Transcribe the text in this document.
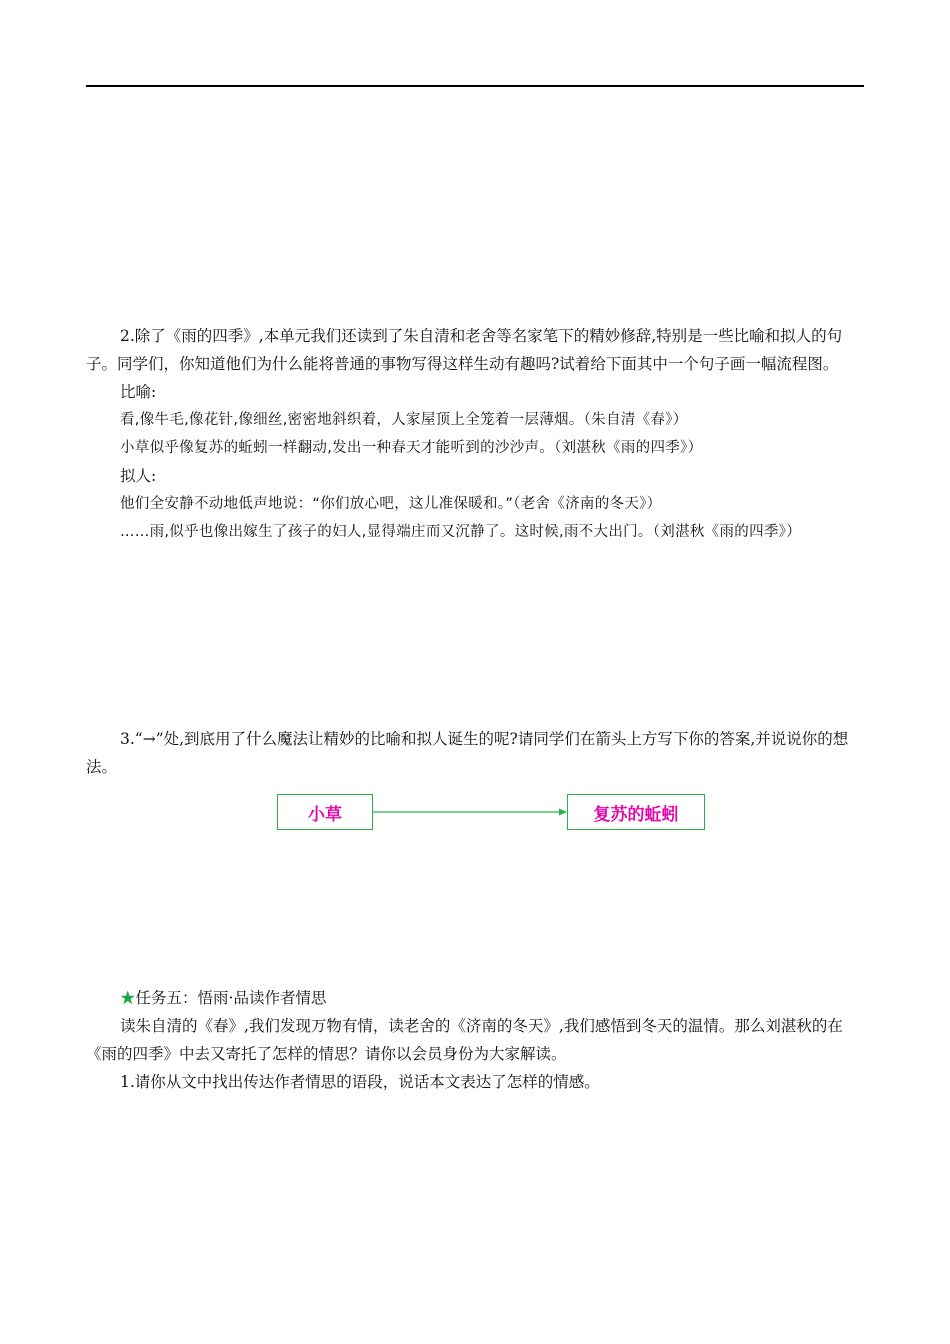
2.除了《雨的四季》,本单元我们还读到了朱自清和老舍等名家笔下的精妙修辞,特别是一些比喻和拟人的句子。同学们，你知道他们为什么能将普通的事物写得这样生动有趣吗?试着给下面其中一个句子画一幅流程图。

比喻:

看,像牛毛,像花针,像细丝,密密地斜织着，人家屋顶上全笼着一层薄烟。（朱自清《春》）

小草似乎像复苏的蚯蚓一样翻动,发出一种春天才能听到的沙沙声。（刘湛秋《雨的四季》）

拟人:

他们全安静不动地低声地说：“你们放心吧，这儿准保暖和。”（老舍《济南的冬天》）

……雨,似乎也像出嫁生了孩子的妇人,显得端庄而又沉静了。这时候,雨不大出门。（刘湛秋《雨的四季》）

3.“→”处,到底用了什么魔法让精妙的比喻和拟人诞生的呢?请同学们在箭头上方写下你的答案,并说说你的想法。

小草	复苏的蚯蚓

★任务五：悟雨·品读作者情思

读朱自清的《春》,我们发现万物有情，读老舍的《济南的冬天》,我们感悟到冬天的温情。那么刘湛秋的在《雨的四季》中去又寄托了怎样的情思？请你以会员身份为大家解读。

1.请你从文中找出传达作者情思的语段，说话本文表达了怎样的情感。
